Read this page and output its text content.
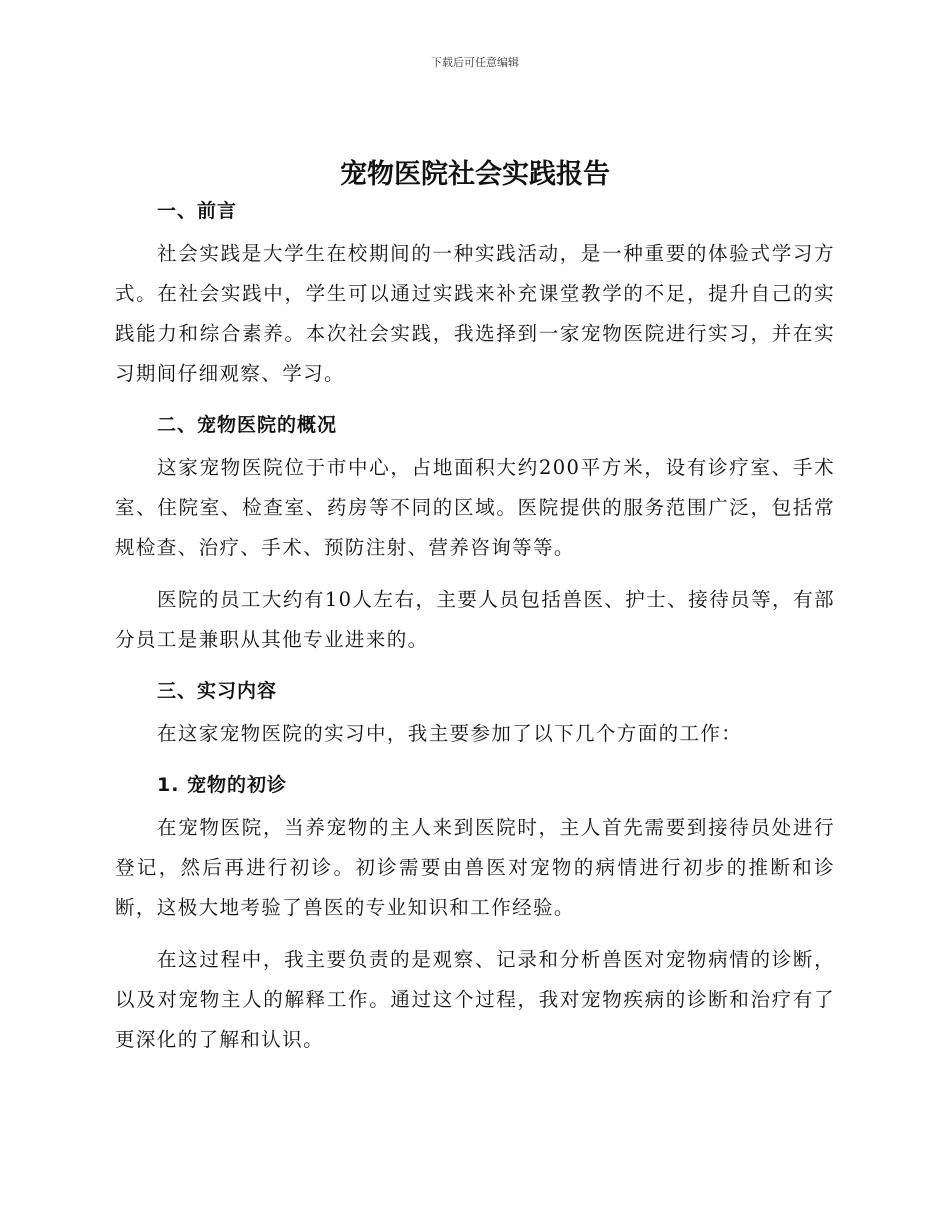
下载后可任意编辑
宠物医院社会实践报告
一、前言

社会实践是大学生在校期间的一种实践活动，是一种重要的体验式学习方式。在社会实践中，学生可以通过实践来补充课堂教学的不足，提升自己的实践能力和综合素养。本次社会实践，我选择到一家宠物医院进行实习，并在实习期间仔细观察、学习。

二、宠物医院的概况

这家宠物医院位于市中心，占地面积大约200平方米，设有诊疗室、手术室、住院室、检查室、药房等不同的区域。医院提供的服务范围广泛，包括常规检查、治疗、手术、预防注射、营养咨询等等。

医院的员工大约有10人左右，主要人员包括兽医、护士、接待员等，有部分员工是兼职从其他专业进来的。

三、实习内容

在这家宠物医院的实习中，我主要参加了以下几个方面的工作：

1. 宠物的初诊

在宠物医院，当养宠物的主人来到医院时，主人首先需要到接待员处进行登记，然后再进行初诊。初诊需要由兽医对宠物的病情进行初步的推断和诊断，这极大地考验了兽医的专业知识和工作经验。

在这过程中，我主要负责的是观察、记录和分析兽医对宠物病情的诊断，以及对宠物主人的解释工作。通过这个过程，我对宠物疾病的诊断和治疗有了更深化的了解和认识。
